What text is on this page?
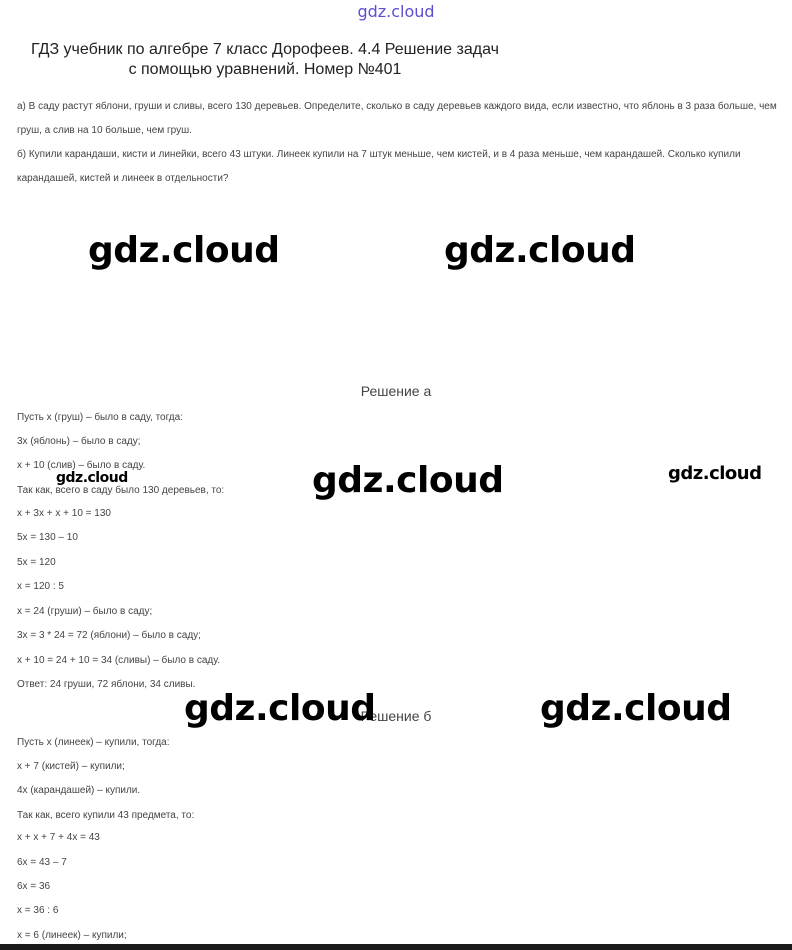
gdz.cloud
ГДЗ учебник по алгебре 7 класс Дорофеев. 4.4 Решение задач
с помощью уравнений. Номер №401
а) В саду растут яблони, груши и сливы, всего 130 деревьев. Определите, сколько в саду деревьев каждого вида, если известно, что яблонь в 3 раза больше, чем груш, а слив на 10 больше, чем груш.
б) Купили карандаши, кисти и линейки, всего 43 штуки. Линеек купили на 7 штук меньше, чем кистей, и в 4 раза меньше, чем карандашей. Сколько купили карандашей, кистей и линеек в отдельности?
gdz.cloud	gdz.cloud
Решение а
Пусть x (груш) – было в саду, тогда:
3x (яблонь) – было в саду;
x + 10 (слив) – было в саду.
Так как, всего в саду было 130 деревьев, то:
x + 3x + x + 10 = 130
5x = 130 – 10
5x = 120
x = 120 : 5
x = 24 (груши) – было в саду;
3x = 3 * 24 = 72 (яблони) – было в саду;
x + 10 = 24 + 10 = 34 (сливы) – было в саду.
Ответ: 24 груши, 72 яблони, 34 сливы.
gdz.cloud	gdz.cloud	gdz.cloud
Решение б
gdz.cloud	gdz.cloud
Пусть x (линеек) – купили, тогда:
x + 7 (кистей) – купили;
4x (карандашей) – купили.
Так как, всего купили 43 предмета, то:
x + x + 7 + 4x = 43
6x = 43 – 7
6x = 36
x = 36 : 6
x = 6 (линеек) – купили;
